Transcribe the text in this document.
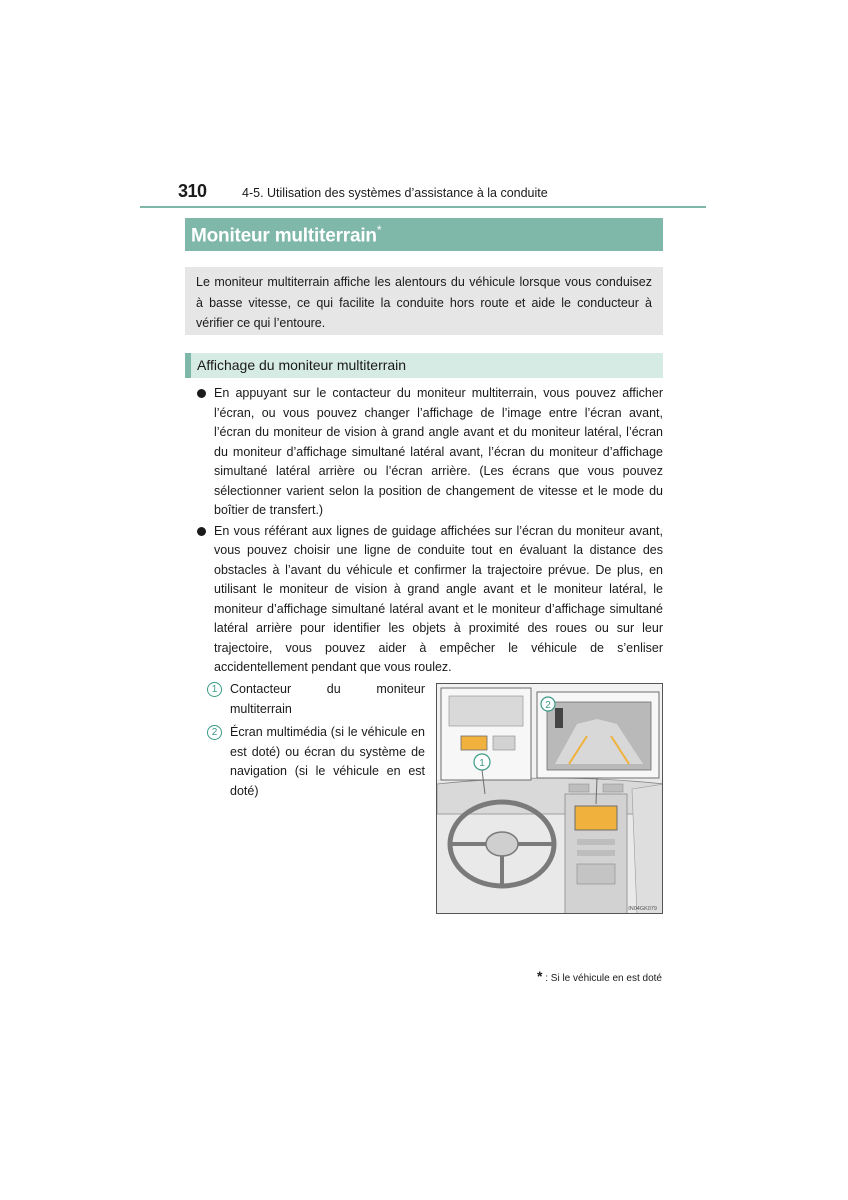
310	4-5. Utilisation des systèmes d’assistance à la conduite
Moniteur multiterrain*

Le moniteur multiterrain affiche les alentours du véhicule lorsque vous conduisez à basse vitesse, ce qui facilite la conduite hors route et aide le conducteur à vérifier ce qui l’entoure.

Affichage du moniteur multiterrain
En appuyant sur le contacteur du moniteur multiterrain, vous pouvez afficher l’écran, ou vous pouvez changer l’affichage de l’image entre l’écran avant, l’écran du moniteur de vision à grand angle avant et du moniteur latéral, l’écran du moniteur d’affichage simultané latéral avant, l’écran du moniteur d’affichage simultané latéral arrière ou l’écran arrière. (Les écrans que vous pouvez sélectionner varient selon la position de changement de vitesse et le mode du boîtier de transfert.)
En vous référant aux lignes de guidage affichées sur l’écran du moniteur avant, vous pouvez choisir une ligne de conduite tout en évaluant la distance des obstacles à l’avant du véhicule et confirmer la trajectoire prévue. De plus, en utilisant le moniteur de vision à grand angle avant et le moniteur latéral, le moniteur d’affichage simultané latéral avant et le moniteur d’affichage simultané latéral arrière pour identifier les objets à proximité des roues ou sur leur trajectoire, vous pouvez aider à empêcher le véhicule de s’enliser accidentellement pendant que vous roulez.
1	Contacteur du moniteur multiterrain
2	Écran multimédia (si le véhicule en est doté) ou écran du système de navigation (si le véhicule en est doté)
1
2
IN04GK079
* : Si le véhicule en est doté
